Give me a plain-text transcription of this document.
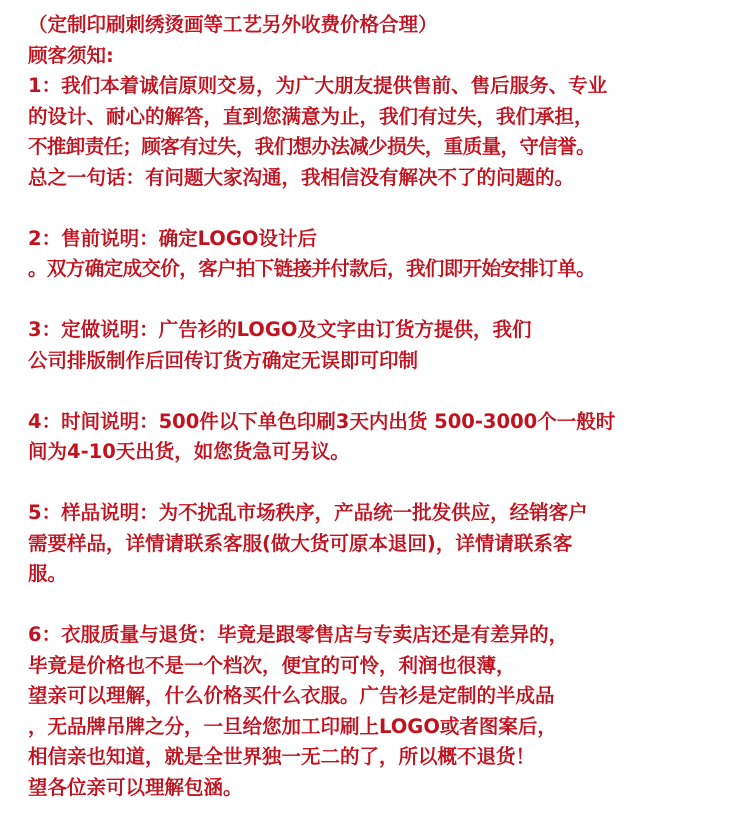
（定制印刷刺绣烫画等工艺另外收费价格合理）

顾客须知:

1：我们本着诚信原则交易，为广大朋友提供售前、售后服务、专业

的设计、耐心的解答，直到您满意为止，我们有过失，我们承担，

不推卸责任；顾客有过失，我们想办法减少损失，重质量，守信誉。

总之一句话：有问题大家沟通，我相信没有解决不了的问题的。

2：售前说明：确定LOGO设计后

。双方确定成交价，客户拍下链接并付款后，我们即开始安排订单。

3：定做说明：广告衫的LOGO及文字由订货方提供，我们

公司排版制作后回传订货方确定无误即可印制

4：时间说明：500件以下单色印刷3天内出货 500-3000个一般时

间为4-10天出货，如您货急可另议。

5：样品说明：为不扰乱市场秩序，产品统一批发供应，经销客户

需要样品，详情请联系客服(做大货可原本退回)，详情请联系客

服。

6：衣服质量与退货：毕竟是跟零售店与专卖店还是有差异的，

毕竟是价格也不是一个档次，便宜的可怜，利润也很薄，

望亲可以理解，什么价格买什么衣服。广告衫是定制的半成品

，无品牌吊牌之分，一旦给您加工印刷上LOGO或者图案后，

相信亲也知道，就是全世界独一无二的了，所以概不退货！

望各位亲可以理解包涵。
